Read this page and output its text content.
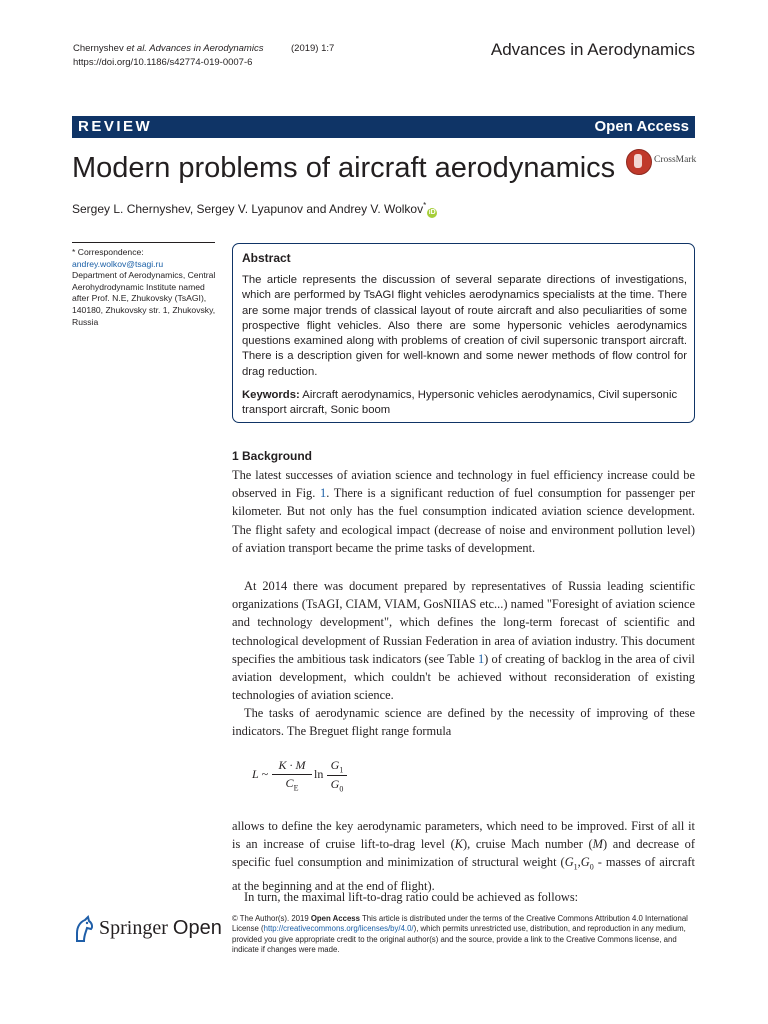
Chernyshev et al. Advances in Aerodynamics	(2019) 1:7
https://doi.org/10.1186/s42774-019-0007-6
Advances in Aerodynamics
REVIEW	Open Access
Modern problems of aircraft aerodynamics	CrossMark
Sergey L. Chernyshev, Sergey V. Lyapunov and Andrey V. Wolkov*iD
* Correspondence:
andrey.wolkov@tsagi.ru
Department of Aerodynamics, Central Aerohydrodynamic Institute named after Prof. N.E, Zhukovsky (TsAGI), 140180, Zhukovsky str. 1, Zhukovsky, Russia
Abstract
The article represents the discussion of several separate directions of investigations, which are performed by TsAGI flight vehicles aerodynamics specialists at the time. There are some major trends of classical layout of route aircraft and also peculiarities of some prospective flight vehicles. Also there are some hypersonic vehicles aerodynamics questions examined along with problems of creation of civil supersonic transport aircraft. There is a description given for well-known and some newer methods of flow control for drag reduction.
Keywords: Aircraft aerodynamics, Hypersonic vehicles aerodynamics, Civil supersonic transport aircraft, Sonic boom
1 Background
The latest successes of aviation science and technology in fuel efficiency increase could be observed in Fig. 1. There is a significant reduction of fuel consumption for passenger per kilometer. But not only has the fuel consumption indicated aviation science development. The flight safety and ecological impact (decrease of noise and environment pollution level) of aviation transport became the prime tasks of development.
At 2014 there was document prepared by representatives of Russia leading scientific organizations (TsAGI, CIAM, VIAM, GosNIIAS etc...) named "Foresight of aviation science and technology development", which defines the long-term forecast of scientific and technological development of Russian Federation in area of aviation industry. This document specifies the ambitious task indicators (see Table 1) of creating of backlog in the area of civil aviation development, which couldn't be achieved without reconsideration of existing technologies of aviation science.
The tasks of aerodynamic science are defined by the necessity of improving of these indicators. The Breguet flight range formula
L ~ $\frac{K \cdot M}{C_E}$ $\ln \frac{G_1}{G_0}$
allows to define the key aerodynamic parameters, which need to be improved. First of all it is an increase of cruise lift-to-drag level (K), cruise Mach number (M) and decrease of specific fuel consumption and minimization of structural weight ($G_1,G_0$ - masses of aircraft at the beginning and at the end of flight).
In turn, the maximal lift-to-drag ratio could be achieved as follows:
Springer Open © The Author(s). 2019 Open Access This article is distributed under the terms of the Creative Commons Attribution 4.0 International License (http://creativecommons.org/licenses/by/4.0/), which permits unrestricted use, distribution, and reproduction in any medium, provided you give appropriate credit to the original author(s) and the source, provide a link to the Creative Commons license, and indicate if changes were made.
